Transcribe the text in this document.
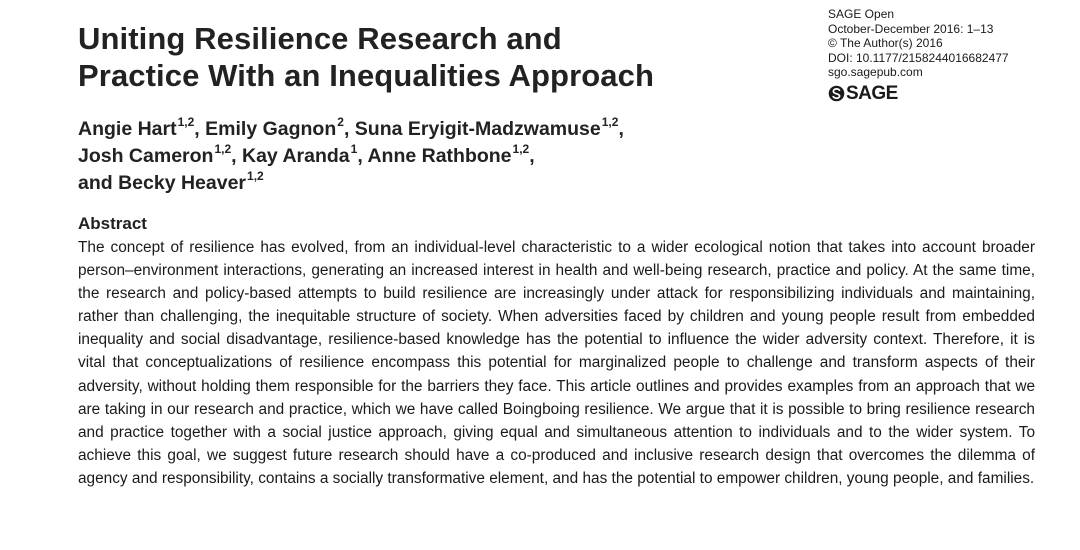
Uniting Resilience Research and
Practice With an Inequalities Approach
SAGE Open
October-December 2016: 1–13
© The Author(s) 2016
DOI: 10.1177/2158244016682477
sgo.sagepub.com
SAGE
Angie Hart$^{1,2}$, Emily Gagnon$^2$, Suna Eryigit-Madzwamuse$^{1,2}$,
Josh Cameron$^{1,2}$, Kay Aranda$^1$, Anne Rathbone$^{1,2}$,
and Becky Heaver$^{1,2}$
Abstract

The concept of resilience has evolved, from an individual-level characteristic to a wider ecological notion that takes into account broader person–environment interactions, generating an increased interest in health and well-being research, practice and policy. At the same time, the research and policy-based attempts to build resilience are increasingly under attack for responsibilizing individuals and maintaining, rather than challenging, the inequitable structure of society. When adversities faced by children and young people result from embedded inequality and social disadvantage, resilience-based knowledge has the potential to influence the wider adversity context. Therefore, it is vital that conceptualizations of resilience encompass this potential for marginalized people to challenge and transform aspects of their adversity, without holding them responsible for the barriers they face. This article outlines and provides examples from an approach that we are taking in our research and practice, which we have called Boingboing resilience. We argue that it is possible to bring resilience research and practice together with a social justice approach, giving equal and simultaneous attention to individuals and to the wider system. To achieve this goal, we suggest future research should have a co-produced and inclusive research design that overcomes the dilemma of agency and responsibility, contains a socially transformative element, and has the potential to empower children, young people, and families.
